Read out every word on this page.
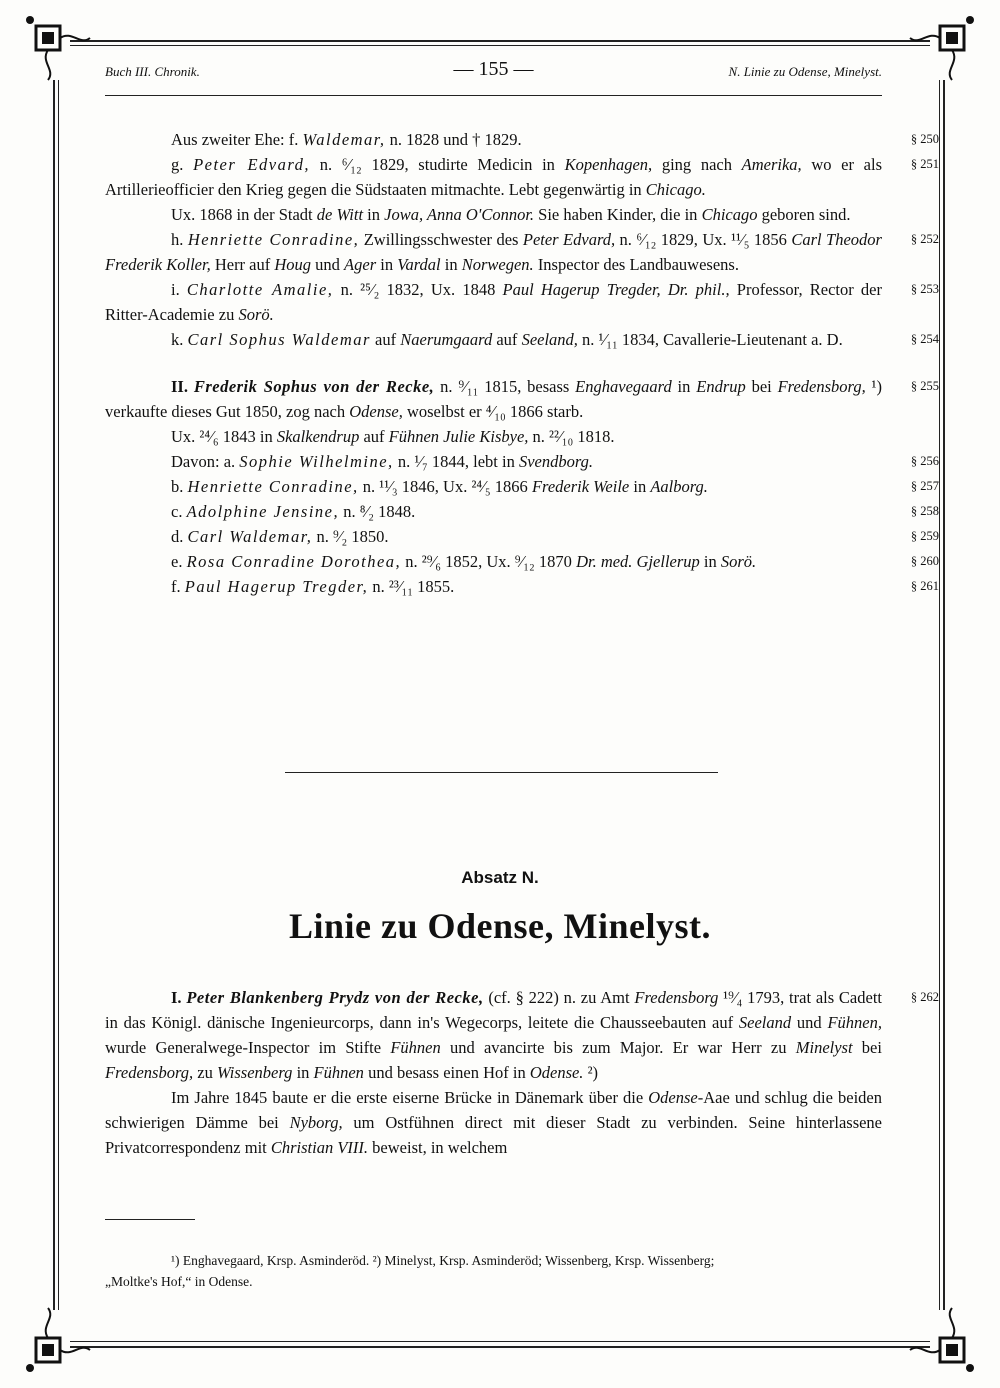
Buch III. Chronik.	— 155 —	N. Linie zu Odense, Minelyst.

Aus zweiter Ehe: f. Waldemar, n. 1828 und † 1829.	§ 250

§ 251
g. Peter Edvard, n. ⁶⁄₁₂ 1829, studirte Medicin in Kopenhagen, ging nach Amerika, wo er als Artillerieofficier den Krieg gegen die Südstaaten mitmachte. Lebt gegenwärtig in Chicago.

Ux. 1868 in der Stadt de Witt in Jowa, Anna O'Connor. Sie haben Kinder, die in Chicago geboren sind.

§ 252
h. Henriette Conradine, Zwillingsschwester des Peter Edvard, n. ⁶⁄₁₂ 1829, Ux. ¹¹⁄₅ 1856 Carl Theodor Frederik Koller, Herr auf Houg und Ager in Vardal in Norwegen. Inspector des Landbauwesens.

§ 253
i. Charlotte Amalie, n. ²⁵⁄₂ 1832, Ux. 1848 Paul Hagerup Tregder, Dr. phil., Professor, Rector der Ritter-Academie zu Sorö.

§ 254
k. Carl Sophus Waldemar auf Naerumgaard auf Seeland, n. ¹⁄₁₁ 1834, Cavallerie-Lieutenant a. D.

§ 255
II. Frederik Sophus von der Recke, n. ⁹⁄₁₁ 1815, besass Enghavegaard in Endrup bei Fredensborg, ¹) verkaufte dieses Gut 1850, zog nach Odense, woselbst er ⁴⁄₁₀ 1866 starb.

Ux. ²⁴⁄₆ 1843 in Skalkendrup auf Fühnen Julie Kisbye, n. ²²⁄₁₀ 1818.

§ 256
Davon: a. Sophie Wilhelmine, n. ¹⁄₇ 1844, lebt in Svendborg.

§ 257
b. Henriette Conradine, n. ¹¹⁄₃ 1846, Ux. ²⁴⁄₅ 1866 Frederik Weile in Aalborg.

§ 258
c. Adolphine Jensine, n. ⁸⁄₂ 1848.

§ 259
d. Carl Waldemar, n. ⁹⁄₂ 1850.

§ 260
e. Rosa Conradine Dorothea, n. ²⁹⁄₆ 1852, Ux. ⁹⁄₁₂ 1870 Dr. med. Gjellerup in Sorö.

§ 261
f. Paul Hagerup Tregder, n. ²³⁄₁₁ 1855.

Absatz N.
Linie zu Odense, Minelyst.

§ 262
I. Peter Blankenberg Prydz von der Recke, (cf. § 222) n. zu Amt Fredensborg ¹⁹⁄₄ 1793, trat als Cadett in das Königl. dänische Ingenieurcorps, dann in's Wegecorps, leitete die Chausseebauten auf Seeland und Fühnen, wurde Generalwege-Inspector im Stifte Fühnen und avancirte bis zum Major. Er war Herr zu Minelyst bei Fredensborg, zu Wissenberg in Fühnen und besass einen Hof in Odense. ²)

Im Jahre 1845 baute er die erste eiserne Brücke in Dänemark über die Odense-Aae und schlug die beiden schwierigen Dämme bei Nyborg, um Ostfühnen direct mit dieser Stadt zu verbinden. Seine hinterlassene Privatcorrespondenz mit Christian VIII. beweist, in welchem

¹) Enghavegaard, Krsp. Asminderöd. ²) Minelyst, Krsp. Asminderöd; Wissenberg, Krsp. Wissenberg;
„Moltke's Hof,“ in Odense.
